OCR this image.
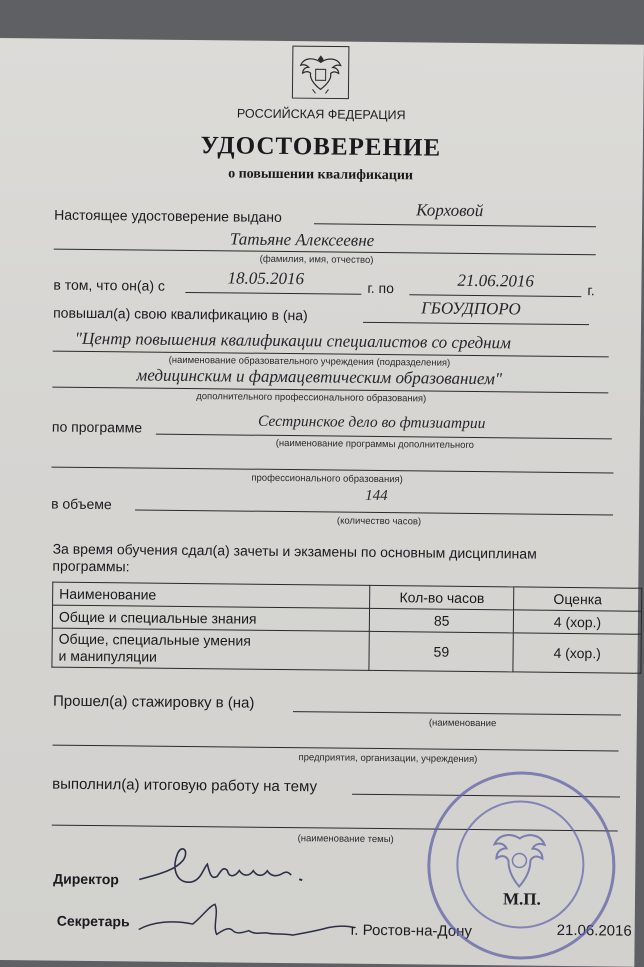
РОССИЙСКАЯ ФЕДЕРАЦИЯ
УДОСТОВЕРЕНИЕ
о повышении квалификации
Настоящее удостоверение выдано	Корховой
Татьяне Алексеевне
(фамилия, имя, отчество)
в том, что он(а) с	18.05.2016	г. по	21.06.2016	г.
повышал(а) свою квалификацию в (на)	ГБОУДПОРО
"Центр повышения квалификации специалистов со средним
(наименование образовательного учреждения (подразделения)
медицинским и фармацевтическим образованием"
дополнительного профессионального образования)
по программе	Сестринское дело во фтизиатрии
(наименование программы дополнительного
профессионального образования)
в объеме	144
(количество часов)
За время обучения сдал(а) зачеты и экзамены по основным дисциплинам
программы:
Наименование	Кол-во часов	Оценка
Общие и специальные знания	85	4 (хор.)
Общие, специальные умения
и манипуляции	59	4 (хор.)
Прошел(а) стажировку в (на)
(наименование
предприятия, организации, учреждения)
выполнил(а) итоговую работу на тему
(наименование темы)
Директор
Секретарь
г. Ростов-на-Дону	21.06.2016
М.П.
